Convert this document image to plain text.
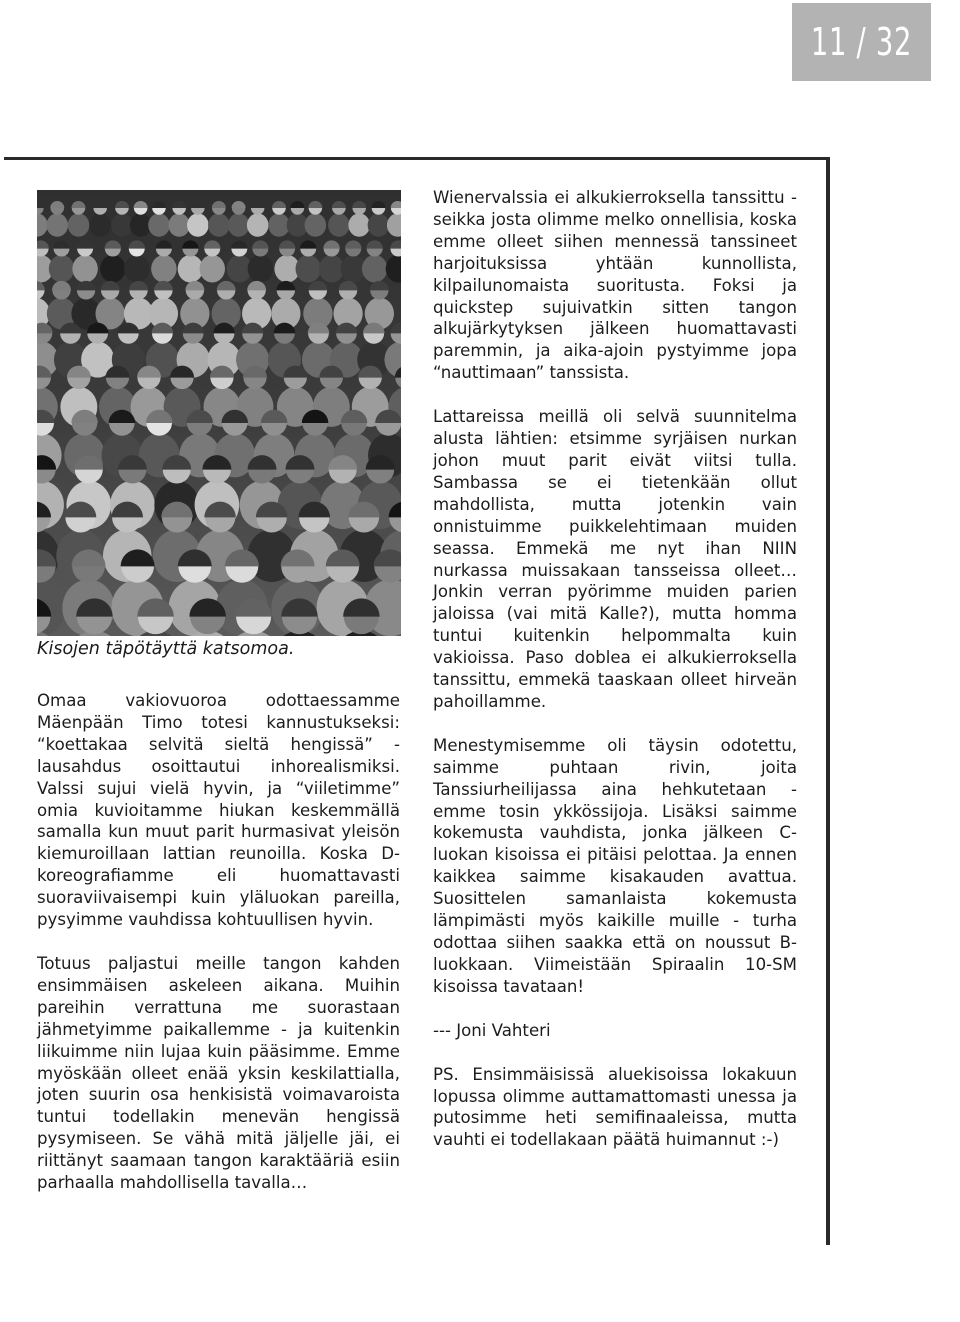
11 / 32
Kisojen täpötäyttä katsomoa.

Omaa vakiovuoroa odottaessamme Mäenpään Timo totesi kannustukseksi: “koettakaa selvitä sieltä hengissä” - lausahdus osoittautui inhorealismiksi. Valssi sujui vielä hyvin, ja “viiletimme” omia kuvioitamme hiukan keskemmällä samalla kun muut parit hurmasivat yleisön kiemuroillaan lattian reunoilla. Koska D-koreografiamme eli huomattavasti suoraviivaisempi kuin yläluokan pareilla, pysyimme vauhdissa kohtuullisen hyvin.

Totuus paljastui meille tangon kahden ensimmäisen askeleen aikana. Muihin pareihin verrattuna me suorastaan jähmetyimme paikallemme - ja kuitenkin liikuimme niin lujaa kuin pääsimme. Emme myöskään olleet enää yksin keskilattialla, joten suurin osa henkisistä voimavaroista tuntui todellakin menevän hengissä pysymiseen. Se vähä mitä jäljelle jäi, ei riittänyt saamaan tangon karaktääriä esiin parhaalla mahdollisella tavalla…

Wienervalssia ei alkukierroksella tanssittu - seikka josta olimme melko onnellisia, koska emme olleet siihen mennessä tanssineet harjoituksissa yhtään kunnollista, kilpailunomaista suoritusta. Foksi ja quickstep sujuivatkin sitten tangon alkujärkytyksen jälkeen huomattavasti paremmin, ja aika-ajoin pystyimme jopa “nauttimaan” tanssista.

Lattareissa meillä oli selvä suunnitelma alusta lähtien: etsimme syrjäisen nurkan johon muut parit eivät viitsi tulla. Sambassa se ei tietenkään ollut mahdollista, mutta jotenkin vain onnistuimme puikkelehtimaan muiden seassa. Emmekä me nyt ihan NIIN nurkassa muissakaan tansseissa olleet… Jonkin verran pyörimme muiden parien jaloissa (vai mitä Kalle?), mutta homma tuntui kuitenkin helpommalta kuin vakioissa. Paso doblea ei alkukierroksella tanssittu, emmekä taaskaan olleet hirveän pahoillamme.

Menestymisemme oli täysin odotettu, saimme puhtaan rivin, joita Tanssiurheilijassa aina hehkutetaan - emme tosin ykkössijoja. Lisäksi saimme kokemusta vauhdista, jonka jälkeen C-luokan kisoissa ei pitäisi pelottaa. Ja ennen kaikkea saimme kisakauden avattua. Suosittelen samanlaista kokemusta lämpimästi myös kaikille muille - turha odottaa siihen saakka että on noussut B-luokkaan. Viimeistään Spiraalin 10-SM kisoissa tavataan!

--- Joni Vahteri

PS. Ensimmäisissä aluekisoissa lokakuun lopussa olimme auttamattomasti unessa ja putosimme heti semifinaaleissa, mutta vauhti ei todellakaan päätä huimannut :-)
